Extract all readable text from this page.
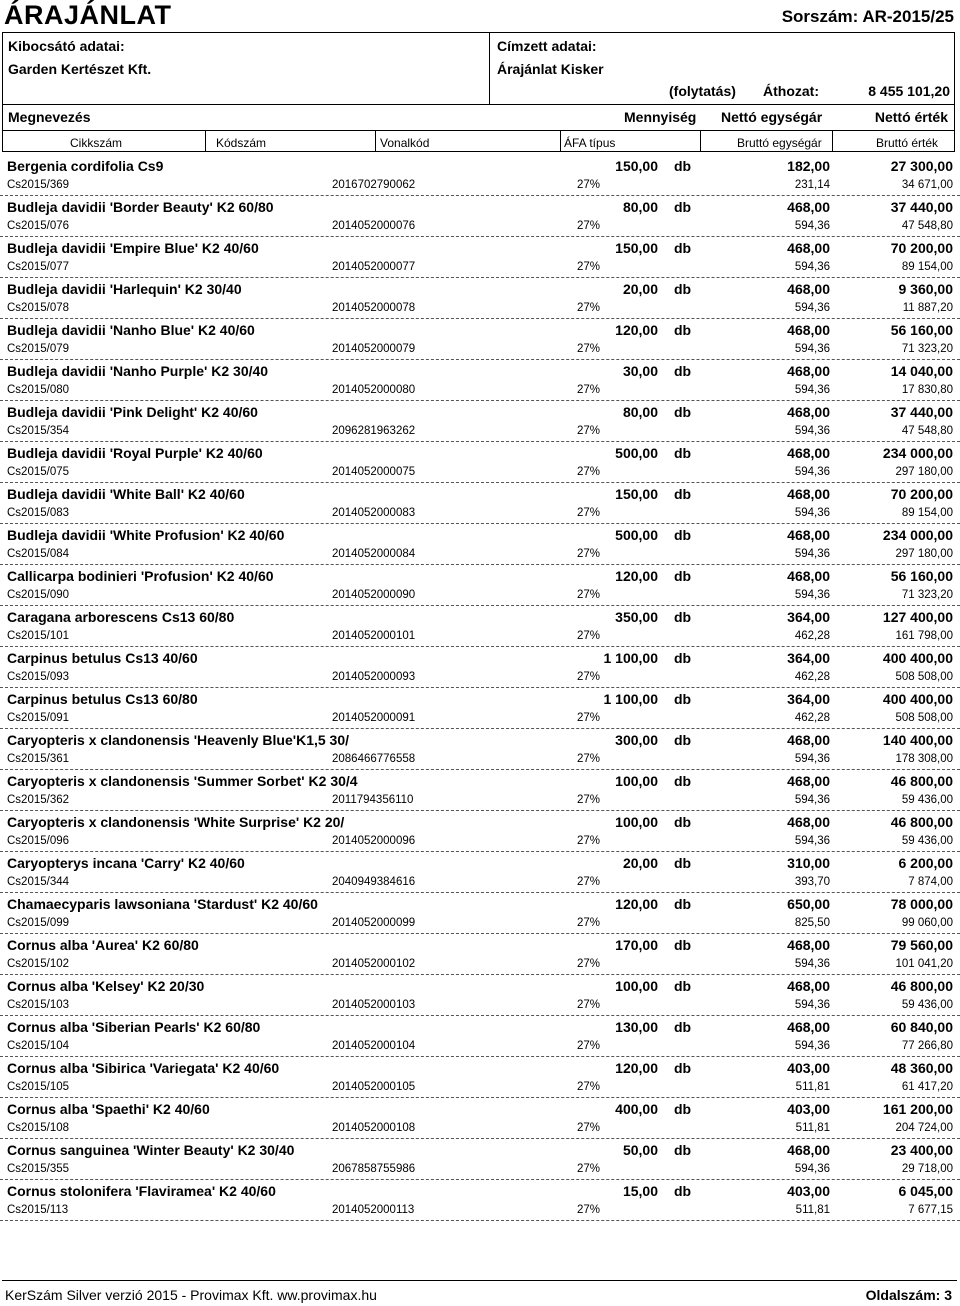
ÁRAJÁNLAT	Sorszám: AR-2015/25
Kibocsátó adatai:
Garden Kertészet Kft.
Címzett adatai:
Árajánlat Kisker
(folytatás) Áthozat:	8 455 101,20
Megnevezés	Mennyiség Nettó egységár	Nettó érték
Cikkszám	Kódszám	Vonalkód	ÁFA típus	Bruttó egységár	Bruttó érték
Bergenia cordifolia Cs9	150,00 db	182,00	27 300,00
Cs2015/369	2016702790062	27%	231,14	34 671,00
Budleja davidii 'Border Beauty' K2 60/80	80,00 db	468,00	37 440,00
Cs2015/076	2014052000076	27%	594,36	47 548,80
Budleja davidii 'Empire Blue' K2 40/60	150,00 db	468,00	70 200,00
Cs2015/077	2014052000077	27%	594,36	89 154,00
Budleja davidii 'Harlequin' K2 30/40	20,00 db	468,00	9 360,00
Cs2015/078	2014052000078	27%	594,36	11 887,20
Budleja davidii 'Nanho Blue' K2 40/60	120,00 db	468,00	56 160,00
Cs2015/079	2014052000079	27%	594,36	71 323,20
Budleja davidii 'Nanho Purple' K2 30/40	30,00 db	468,00	14 040,00
Cs2015/080	2014052000080	27%	594,36	17 830,80
Budleja davidii 'Pink Delight' K2 40/60	80,00 db	468,00	37 440,00
Cs2015/354	2096281963262	27%	594,36	47 548,80
Budleja davidii 'Royal Purple' K2 40/60	500,00 db	468,00	234 000,00
Cs2015/075	2014052000075	27%	594,36	297 180,00
Budleja davidii 'White Ball' K2 40/60	150,00 db	468,00	70 200,00
Cs2015/083	2014052000083	27%	594,36	89 154,00
Budleja davidii 'White Profusion' K2 40/60	500,00 db	468,00	234 000,00
Cs2015/084	2014052000084	27%	594,36	297 180,00
Callicarpa bodinieri 'Profusion' K2 40/60	120,00 db	468,00	56 160,00
Cs2015/090	2014052000090	27%	594,36	71 323,20
Caragana arborescens Cs13 60/80	350,00 db	364,00	127 400,00
Cs2015/101	2014052000101	27%	462,28	161 798,00
Carpinus betulus Cs13 40/60	1 100,00 db	364,00	400 400,00
Cs2015/093	2014052000093	27%	462,28	508 508,00
Carpinus betulus Cs13 60/80	1 100,00 db	364,00	400 400,00
Cs2015/091	2014052000091	27%	462,28	508 508,00
Caryopteris x clandonensis 'Heavenly Blue'K1,5 30/	300,00 db	468,00	140 400,00
Cs2015/361	2086466776558	27%	594,36	178 308,00
Caryopteris x clandonensis 'Summer Sorbet' K2 30/4	100,00 db	468,00	46 800,00
Cs2015/362	2011794356110	27%	594,36	59 436,00
Caryopteris x clandonensis 'White Surprise' K2 20/	100,00 db	468,00	46 800,00
Cs2015/096	2014052000096	27%	594,36	59 436,00
Caryopterys incana 'Carry' K2 40/60	20,00 db	310,00	6 200,00
Cs2015/344	2040949384616	27%	393,70	7 874,00
Chamaecyparis lawsoniana 'Stardust' K2 40/60	120,00 db	650,00	78 000,00
Cs2015/099	2014052000099	27%	825,50	99 060,00
Cornus alba 'Aurea' K2 60/80	170,00 db	468,00	79 560,00
Cs2015/102	2014052000102	27%	594,36	101 041,20
Cornus alba 'Kelsey' K2 20/30	100,00 db	468,00	46 800,00
Cs2015/103	2014052000103	27%	594,36	59 436,00
Cornus alba 'Siberian Pearls' K2 60/80	130,00 db	468,00	60 840,00
Cs2015/104	2014052000104	27%	594,36	77 266,80
Cornus alba 'Sibirica 'Variegata' K2 40/60	120,00 db	403,00	48 360,00
Cs2015/105	2014052000105	27%	511,81	61 417,20
Cornus alba 'Spaethi' K2 40/60	400,00 db	403,00	161 200,00
Cs2015/108	2014052000108	27%	511,81	204 724,00
Cornus sanguinea 'Winter Beauty' K2 30/40	50,00 db	468,00	23 400,00
Cs2015/355	2067858755986	27%	594,36	29 718,00
Cornus stolonifera 'Flaviramea' K2 40/60	15,00 db	403,00	6 045,00
Cs2015/113	2014052000113	27%	511,81	7 677,15
KerSzám Silver verzió 2015 - Provimax Kft. ww.provimax.hu	Oldalszám: 3
